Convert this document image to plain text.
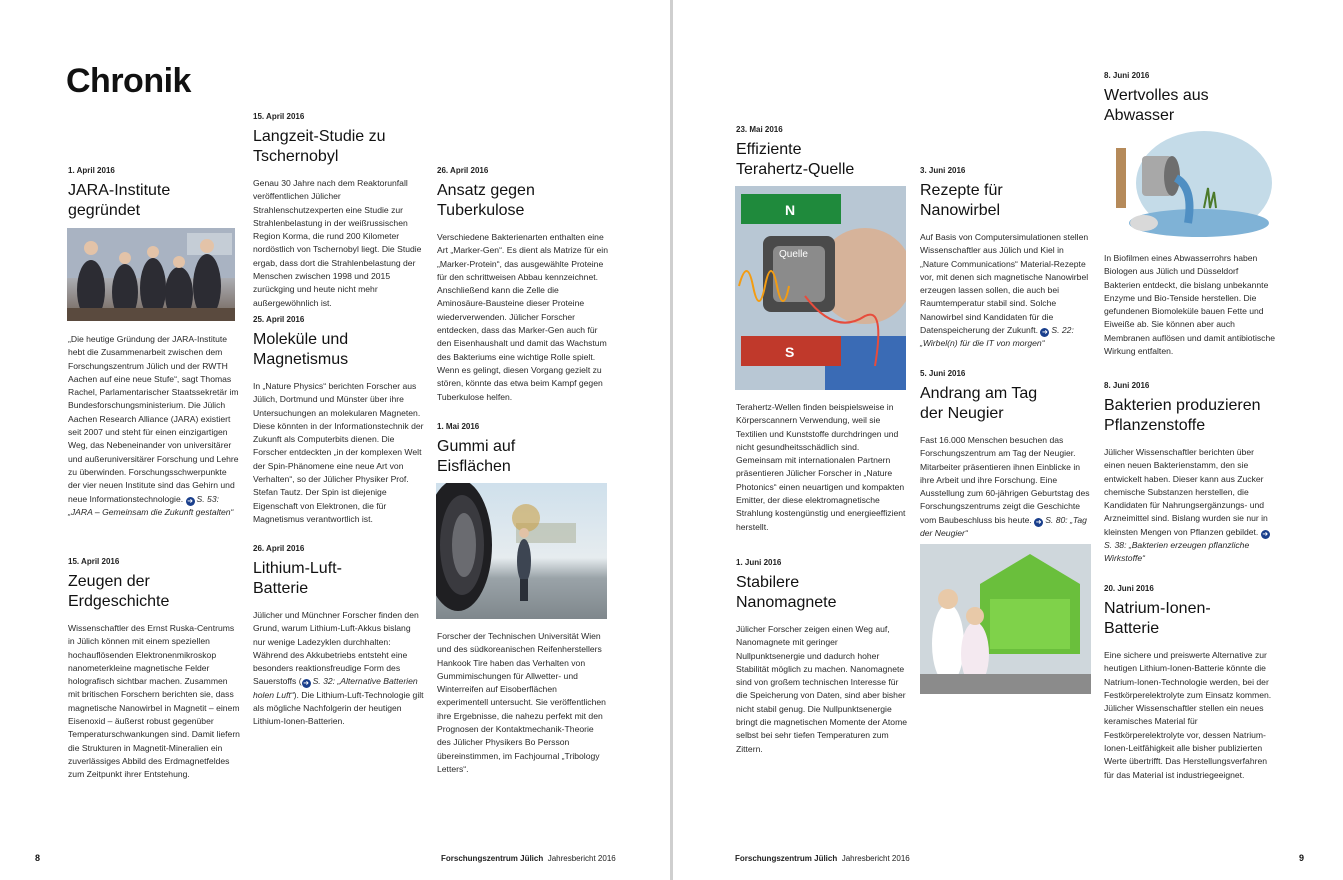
Chronik

1. April 2016

JARA-Institute gegründet

„Die heutige Gründung der JARA-Institute hebt die Zusammenarbeit zwischen dem Forschungszentrum Jülich und der RWTH Aachen auf eine neue Stufe“, sagt Thomas Rachel, Parlamentarischer Staatssekretär im Bundesforschungsministerium. Die Jülich Aachen Research Alliance (JARA) existiert seit 2007 und steht für einen einzigartigen Weg, das Nebeneinander von universitärer und außeruniversitärer Forschung und Lehre zu überwinden. Forschungsschwerpunkte der vier neuen Institute sind das Gehirn und neue Informationstechnologie. ➜ S. 53: „JARA – Gemeinsam die Zukunft gestalten“

15. April 2016

Zeugen der Erdgeschichte

Wissenschaftler des Ernst Ruska-Centrums in Jülich können mit einem speziellen hochauflösenden Elektronenmikroskop nanometerkleine magnetische Felder holografisch sichtbar machen. Zusammen mit britischen Forschern berichten sie, dass magnetische Nanowirbel in Magnetit – einem Eisenoxid – äußerst robust gegenüber Temperaturschwankungen sind. Damit liefern die Strukturen in Magnetit-Mineralien ein zuverlässiges Abbild des Erdmagnetfeldes zum Zeitpunkt ihrer Entstehung.

15. April 2016

Langzeit-Studie zu Tschernobyl

Genau 30 Jahre nach dem Reaktorunfall veröffentlichen Jülicher Strahlenschutzexperten eine Studie zur Strahlenbelastung in der weißrussischen Region Korma, die rund 200 Kilometer nordöstlich von Tschernobyl liegt. Die Studie ergab, dass dort die Strahlenbelastung der Menschen zwischen 1998 und 2015 zurückging und heute nicht mehr außergewöhnlich ist.

25. April 2016

Moleküle und Magnetismus

In „Nature Physics“ berichten Forscher aus Jülich, Dortmund und Münster über ihre Untersuchungen an molekularen Magneten. Diese könnten in der Informationstechnik der Zukunft als Computerbits dienen. Die Forscher entdeckten „in der komplexen Welt der Spin-Phänomene eine neue Art von Verhalten“, so der Jülicher Physiker Prof. Stefan Tautz. Der Spin ist diejenige Eigenschaft von Elektronen, die für Magnetismus verantwortlich ist.

26. April 2016

Lithium-Luft-Batterie

Jülicher und Münchner Forscher finden den Grund, warum Lithium-Luft-Akkus bislang nur wenige Ladezyklen durchhalten: Während des Akkubetriebs entsteht eine besonders reaktionsfreudige Form des Sauerstoffs ( ➜ S. 32: „Alternative Batterien holen Luft“). Die Lithium-Luft-Technologie gilt als mögliche Nachfolgerin der heutigen Lithium-Ionen-Batterien.

26. April 2016

Ansatz gegen Tuberkulose

Verschiedene Bakterienarten enthalten eine Art „Marker-Gen“. Es dient als Matrize für ein „Marker-Protein“, das ausgewählte Proteine für den schrittweisen Abbau kennzeichnet. Anschließend kann die Zelle die Aminosäure-Bausteine dieser Proteine wiederverwenden. Jülicher Forscher entdecken, dass das Marker-Gen auch für den Eisenhaushalt und damit das Wachstum des Bakteriums eine wichtige Rolle spielt. Wenn es gelingt, diesen Vorgang gezielt zu stören, könnte das etwa beim Kampf gegen Tuberkulose helfen.

1. Mai 2016

Gummi auf Eisflächen

Forscher der Technischen Universität Wien und des südkoreanischen Reifenherstellers Hankook Tire haben das Verhalten von Gummimischungen für Allwetter- und Winterreifen auf Eisoberflächen experimentell untersucht. Sie veröffentlichen ihre Ergebnisse, die nahezu perfekt mit den Prognosen der Kontaktmechanik-Theorie des Jülicher Physikers Bo Persson übereinstimmen, im Fachjournal „Tribology Letters“.

8	Forschungszentrum Jülich Jahresbericht 2016

23. Mai 2016

Effiziente Terahertz-Quelle
N
S
Quelle

Terahertz-Wellen finden beispielsweise in Körperscannern Verwendung, weil sie Textilien und Kunststoffe durchdringen und nicht gesundheitsschädlich sind. Gemeinsam mit internationalen Partnern präsentieren Jülicher Forscher in „Nature Photonics“ einen neuartigen und kompakten Emitter, der diese elektromagnetische Strahlung kostengünstig und energieeffizient herstellt.

1. Juni 2016

Stabilere Nanomagnete

Jülicher Forscher zeigen einen Weg auf, Nanomagnete mit geringer Nullpunktsenergie und dadurch hoher Stabilität möglich zu machen. Nanomagnete sind von großem technischen Interesse für die Speicherung von Daten, sind aber bisher nicht stabil genug. Die Nullpunktsenergie bringt die magnetischen Momente der Atome selbst bei sehr tiefen Temperaturen zum Zittern.

3. Juni 2016

Rezepte für Nanowirbel

Auf Basis von Computersimulationen stellen Wissenschaftler aus Jülich und Kiel in „Nature Communications“ Material-Rezepte vor, mit denen sich magnetische Nanowirbel erzeugen lassen sollen, die auch bei Raumtemperatur stabil sind. Solche Nanowirbel sind Kandidaten für die Datenspeicherung der Zukunft. ➜ S. 22: „Wirbel(n) für die IT von morgen“

5. Juni 2016

Andrang am Tag der Neugier

Fast 16.000 Menschen besuchen das Forschungszentrum am Tag der Neugier. Mitarbeiter präsentieren ihnen Einblicke in ihre Arbeit und ihre Forschung. Eine Ausstellung zum 60-jährigen Geburtstag des Forschungszentrums zeigt die Geschichte vom Baubeschluss bis heute. ➜ S. 80: „Tag der Neugier“

8. Juni 2016

Wertvolles aus Abwasser

In Biofilmen eines Abwasserrohrs haben Biologen aus Jülich und Düsseldorf Bakterien entdeckt, die bislang unbekannte Enzyme und Bio-Tenside herstellen. Die gefundenen Biomoleküle bauen Fette und Eiweiße ab. Sie können aber auch Membranen auflösen und damit antibiotische Wirkung entfalten.

8. Juni 2016

Bakterien produzieren Pflanzenstoffe

Jülicher Wissenschaftler berichten über einen neuen Bakterienstamm, den sie entwickelt haben. Dieser kann aus Zucker chemische Substanzen herstellen, die Kandidaten für Nahrungsergänzungs- und Arzneimittel sind. Bislang wurden sie nur in kleinsten Mengen von Pflanzen gebildet. ➜S. 38: „Bakterien erzeugen pflanzliche Wirkstoffe“

20. Juni 2016

Natrium-Ionen-Batterie

Eine sichere und preiswerte Alternative zur heutigen Lithium-Ionen-Batterie könnte die Natrium-Ionen-Technologie werden, bei der Festkörperelektrolyte zum Einsatz kommen. Jülicher Wissenschaftler stellen ein neues keramisches Material für Festkörperelektrolyte vor, dessen Natrium-Ionen-Leitfähigkeit alle bisher publizierten Werte übertrifft. Das Herstellungsverfahren für das Material ist industriegeeignet.

Forschungszentrum Jülich Jahresbericht 2016	9
